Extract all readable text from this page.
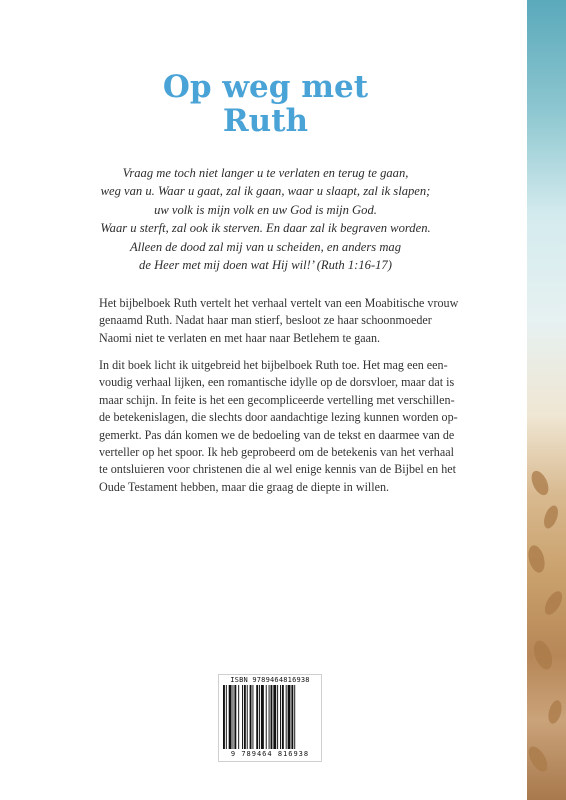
Op weg met
Ruth
Vraag me toch niet langer u te verlaten en terug te gaan,
weg van u. Waar u gaat, zal ik gaan, waar u slaapt, zal ik slapen;
uw volk is mijn volk en uw God is mijn God.
Waar u sterft, zal ook ik sterven. En daar zal ik begraven worden.
Alleen de dood zal mij van u scheiden, en anders mag
de Heer met mij doen wat Hij wil!’ (Ruth 1:16-17)
Het bijbelboek Ruth vertelt het verhaal vertelt van een Moabitische vrouw
genaamd Ruth. Nadat haar man stierf, besloot ze haar schoonmoeder
Naomi niet te verlaten en met haar naar Betlehem te gaan.
In dit boek licht ik uitgebreid het bijbelboek Ruth toe. Het mag een een-
voudig verhaal lijken, een romantische idylle op de dorsvloer, maar dat is
maar schijn. In feite is het een gecompliceerde vertelling met verschillen-
de betekenislagen, die slechts door aandachtige lezing kunnen worden op-
gemerkt. Pas dán komen we de bedoeling van de tekst en daarmee van de
verteller op het spoor. Ik heb geprobeerd om de betekenis van het verhaal
te ontsluieren voor christenen die al wel enige kennis van de Bijbel en het
Oude Testament hebben, maar die graag de diepte in willen.
ISBN 9789464816938
9 789464 816938
